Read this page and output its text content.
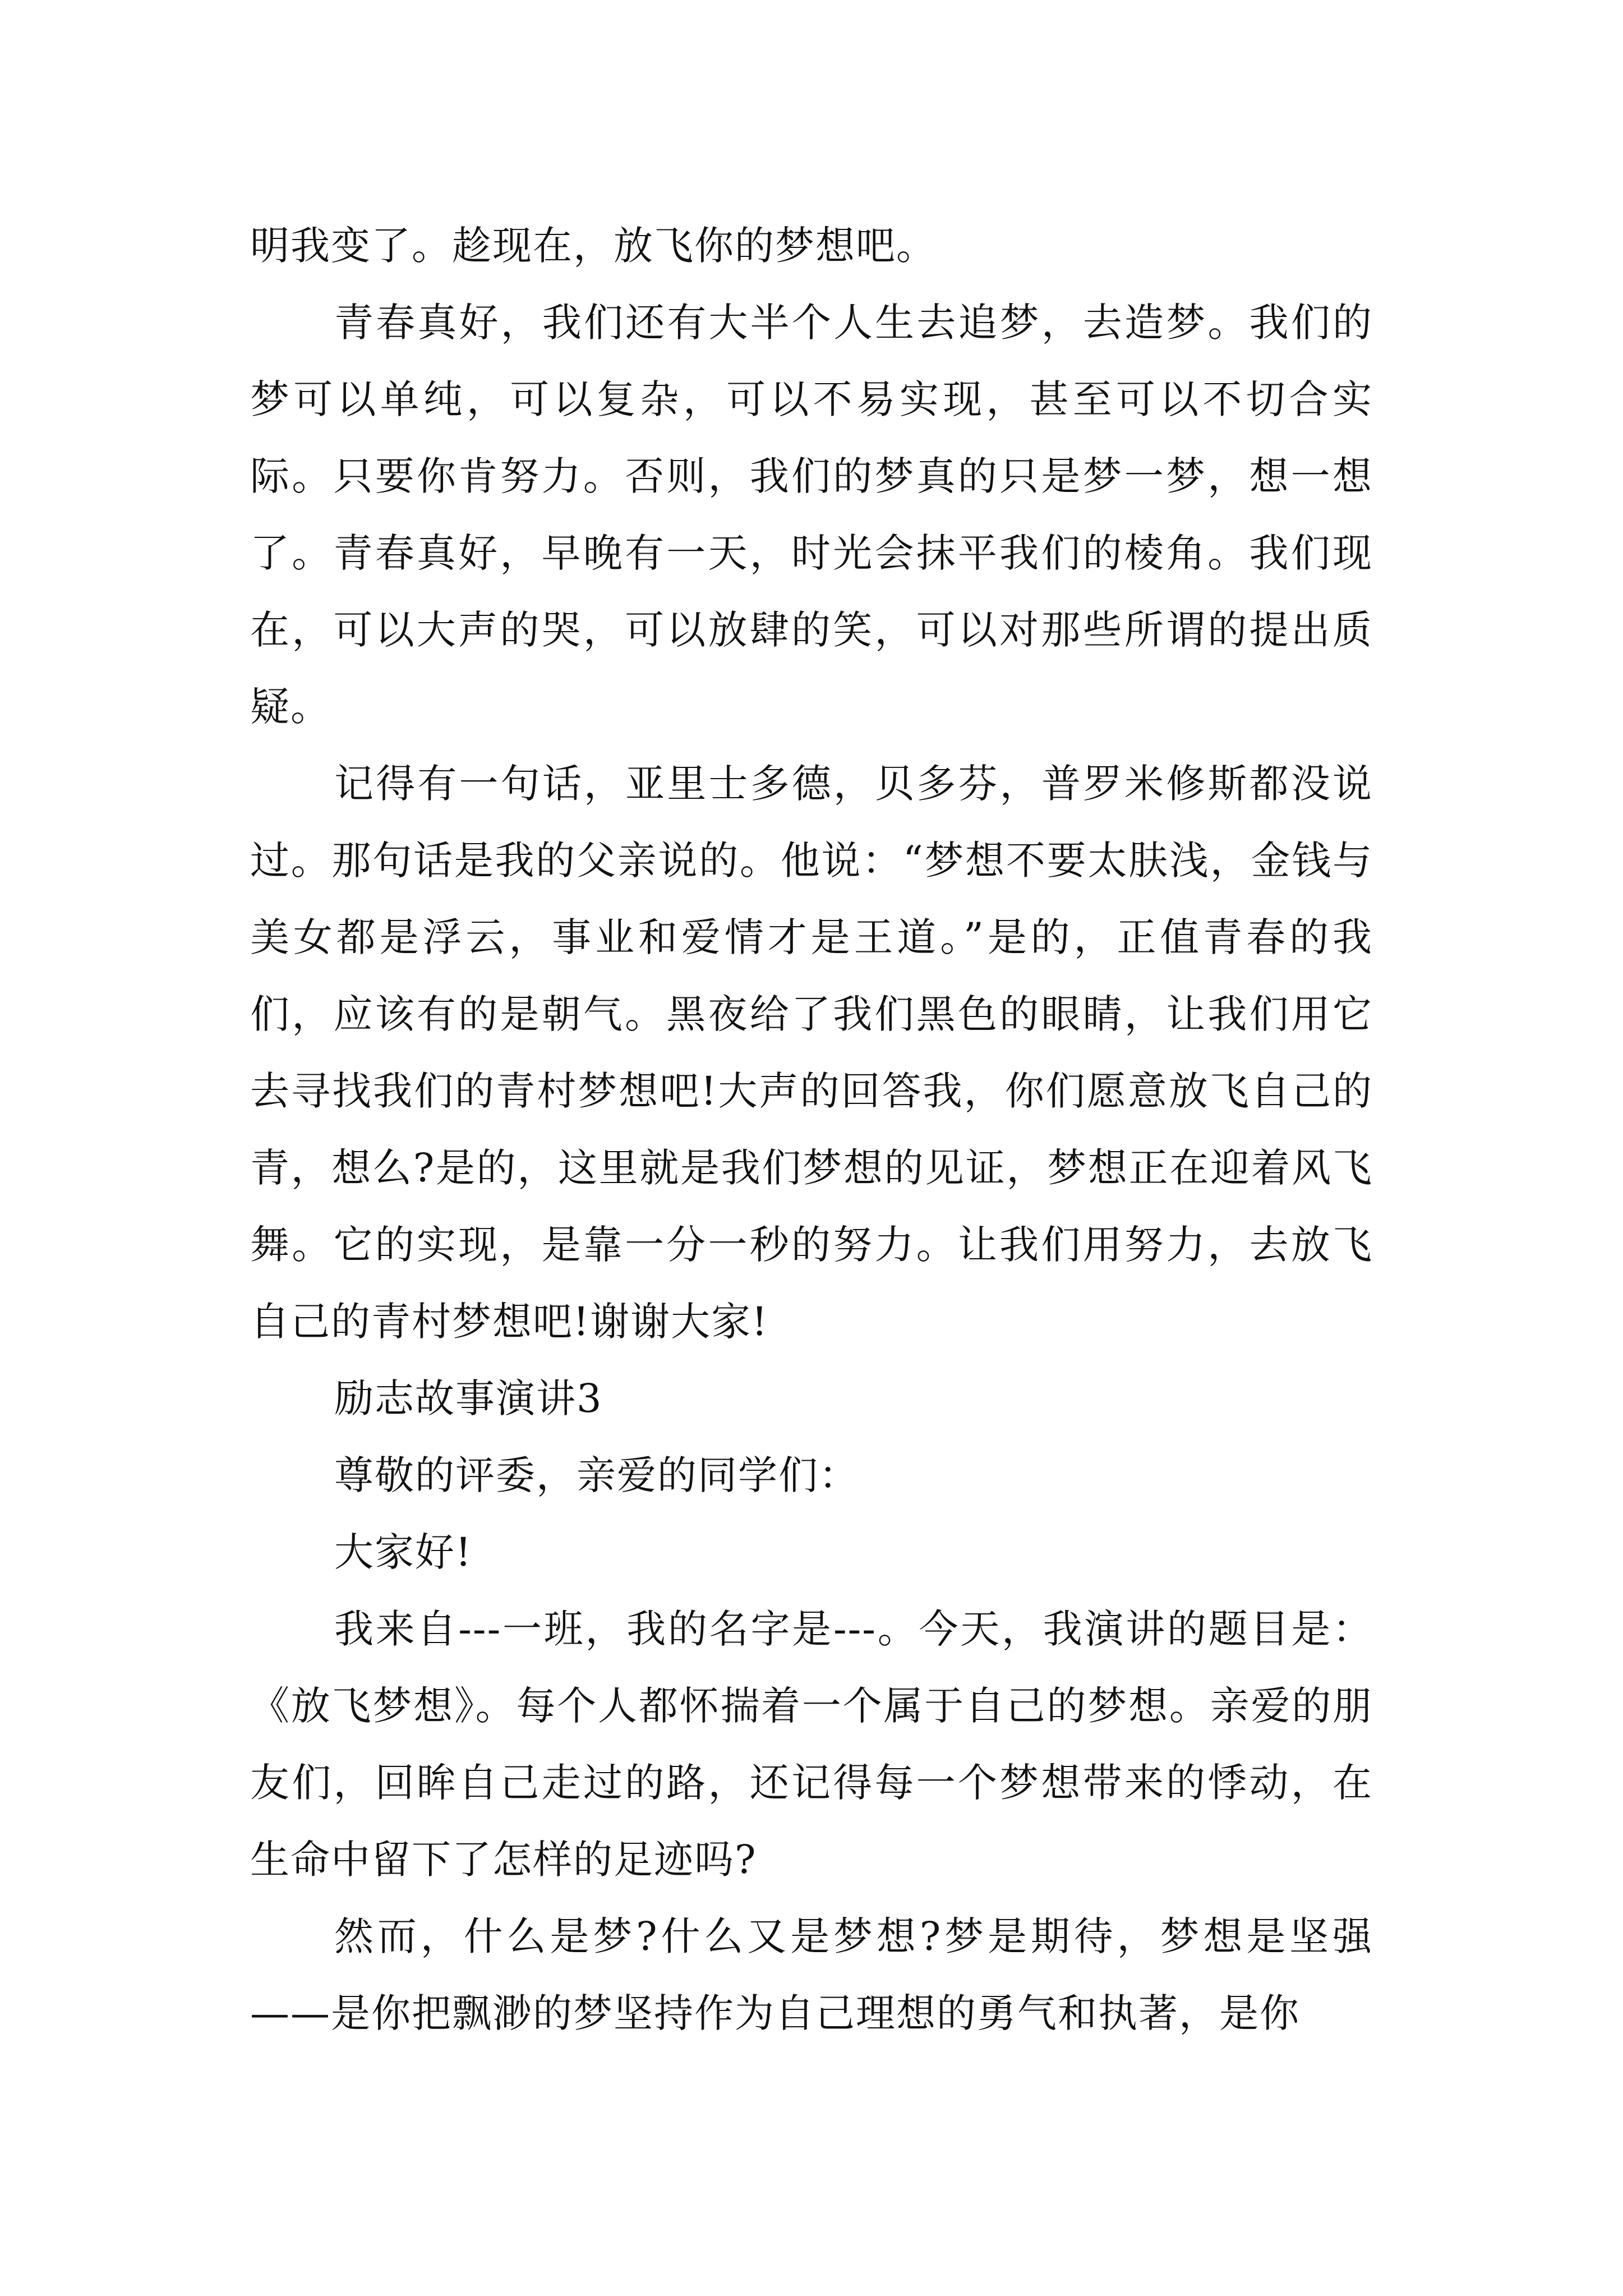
明我变了。趁现在，放飞你的梦想吧。

青春真好，我们还有大半个人生去追梦，去造梦。我们的梦可以单纯，可以复杂，可以不易实现，甚至可以不切合实际。只要你肯努力。否则，我们的梦真的只是梦一梦，想一想了。青春真好，早晚有一天，时光会抹平我们的棱角。我们现在，可以大声的哭，可以放肆的笑，可以对那些所谓的提出质疑。

记得有一句话，亚里士多德，贝多芬，普罗米修斯都没说过。那句话是我的父亲说的。他说：“梦想不要太肤浅，金钱与美女都是浮云，事业和爱情才是王道。”是的，正值青春的我们，应该有的是朝气。黑夜给了我们黑色的眼睛，让我们用它去寻找我们的青村梦想吧!大声的回答我，你们愿意放飞自己的青，想么?是的，这里就是我们梦想的见证，梦想正在迎着风飞舞。它的实现，是靠一分一秒的努力。让我们用努力，去放飞自己的青村梦想吧!谢谢大家!

励志故事演讲3

尊敬的评委，亲爱的同学们：

大家好!

我来自---一班，我的名字是---。今天，我演讲的题目是：《放飞梦想》。每个人都怀揣着一个属于自己的梦想。亲爱的朋友们，回眸自己走过的路，还记得每一个梦想带来的悸动，在生命中留下了怎样的足迹吗?

然而，什么是梦?什么又是梦想?梦是期待，梦想是坚强——是你把飘渺的梦坚持作为自己理想的勇气和执著，是你
